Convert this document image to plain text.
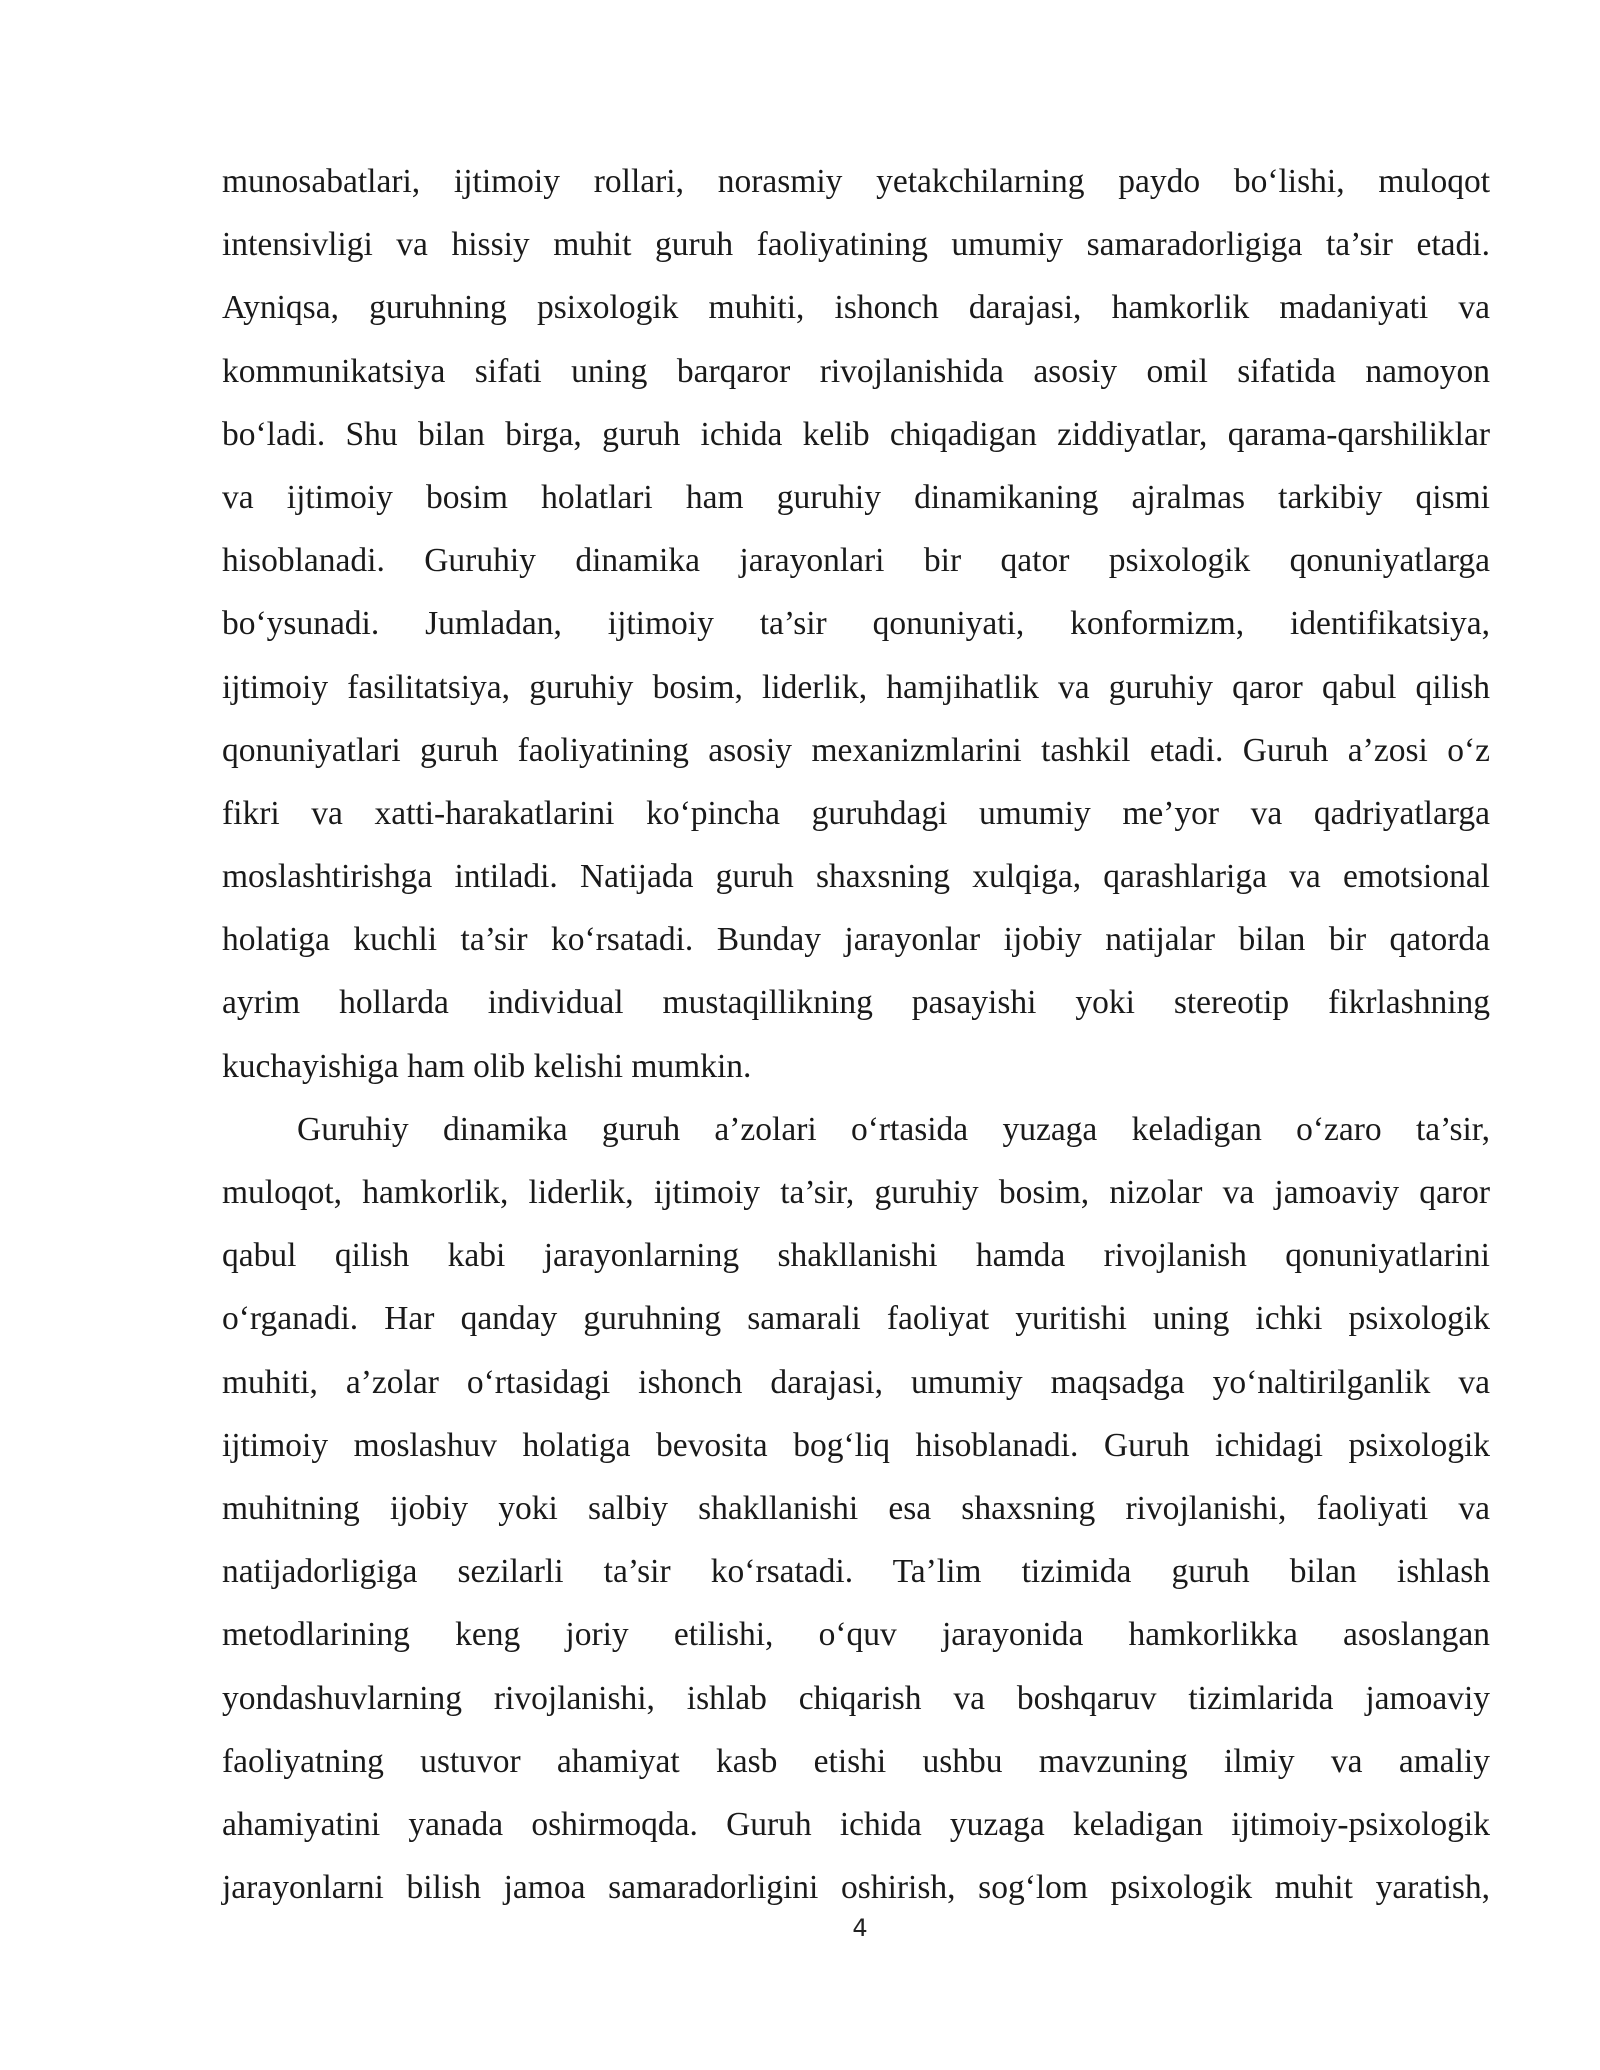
munosabatlari, ijtimoiy rollari, norasmiy yetakchilarning paydo bo‘lishi, muloqot
intensivligi va hissiy muhit guruh faoliyatining umumiy samaradorligiga ta’sir etadi.
Ayniqsa, guruhning psixologik muhiti, ishonch darajasi, hamkorlik madaniyati va
kommunikatsiya sifati uning barqaror rivojlanishida asosiy omil sifatida namoyon
bo‘ladi. Shu bilan birga, guruh ichida kelib chiqadigan ziddiyatlar, qarama-qarshiliklar
va ijtimoiy bosim holatlari ham guruhiy dinamikaning ajralmas tarkibiy qismi
hisoblanadi. Guruhiy dinamika jarayonlari bir qator psixologik qonuniyatlarga
bo‘ysunadi. Jumladan, ijtimoiy ta’sir qonuniyati, konformizm, identifikatsiya,
ijtimoiy fasilitatsiya, guruhiy bosim, liderlik, hamjihatlik va guruhiy qaror qabul qilish
qonuniyatlari guruh faoliyatining asosiy mexanizmlarini tashkil etadi. Guruh a’zosi o‘z
fikri va xatti-harakatlarini ko‘pincha guruhdagi umumiy me’yor va qadriyatlarga
moslashtirishga intiladi. Natijada guruh shaxsning xulqiga, qarashlariga va emotsional
holatiga kuchli ta’sir ko‘rsatadi. Bunday jarayonlar ijobiy natijalar bilan bir qatorda
ayrim hollarda individual mustaqillikning pasayishi yoki stereotip fikrlashning
kuchayishiga ham olib kelishi mumkin.
Guruhiy dinamika guruh a’zolari o‘rtasida yuzaga keladigan o‘zaro ta’sir,
muloqot, hamkorlik, liderlik, ijtimoiy ta’sir, guruhiy bosim, nizolar va jamoaviy qaror
qabul qilish kabi jarayonlarning shakllanishi hamda rivojlanish qonuniyatlarini
o‘rganadi. Har qanday guruhning samarali faoliyat yuritishi uning ichki psixologik
muhiti, a’zolar o‘rtasidagi ishonch darajasi, umumiy maqsadga yo‘naltirilganlik va
ijtimoiy moslashuv holatiga bevosita bog‘liq hisoblanadi. Guruh ichidagi psixologik
muhitning ijobiy yoki salbiy shakllanishi esa shaxsning rivojlanishi, faoliyati va
natijadorligiga sezilarli ta’sir ko‘rsatadi. Ta’lim tizimida guruh bilan ishlash
metodlarining keng joriy etilishi, o‘quv jarayonida hamkorlikka asoslangan
yondashuvlarning rivojlanishi, ishlab chiqarish va boshqaruv tizimlarida jamoaviy
faoliyatning ustuvor ahamiyat kasb etishi ushbu mavzuning ilmiy va amaliy
ahamiyatini yanada oshirmoqda. Guruh ichida yuzaga keladigan ijtimoiy-psixologik
jarayonlarni bilish jamoa samaradorligini oshirish, sog‘lom psixologik muhit yaratish,
4
